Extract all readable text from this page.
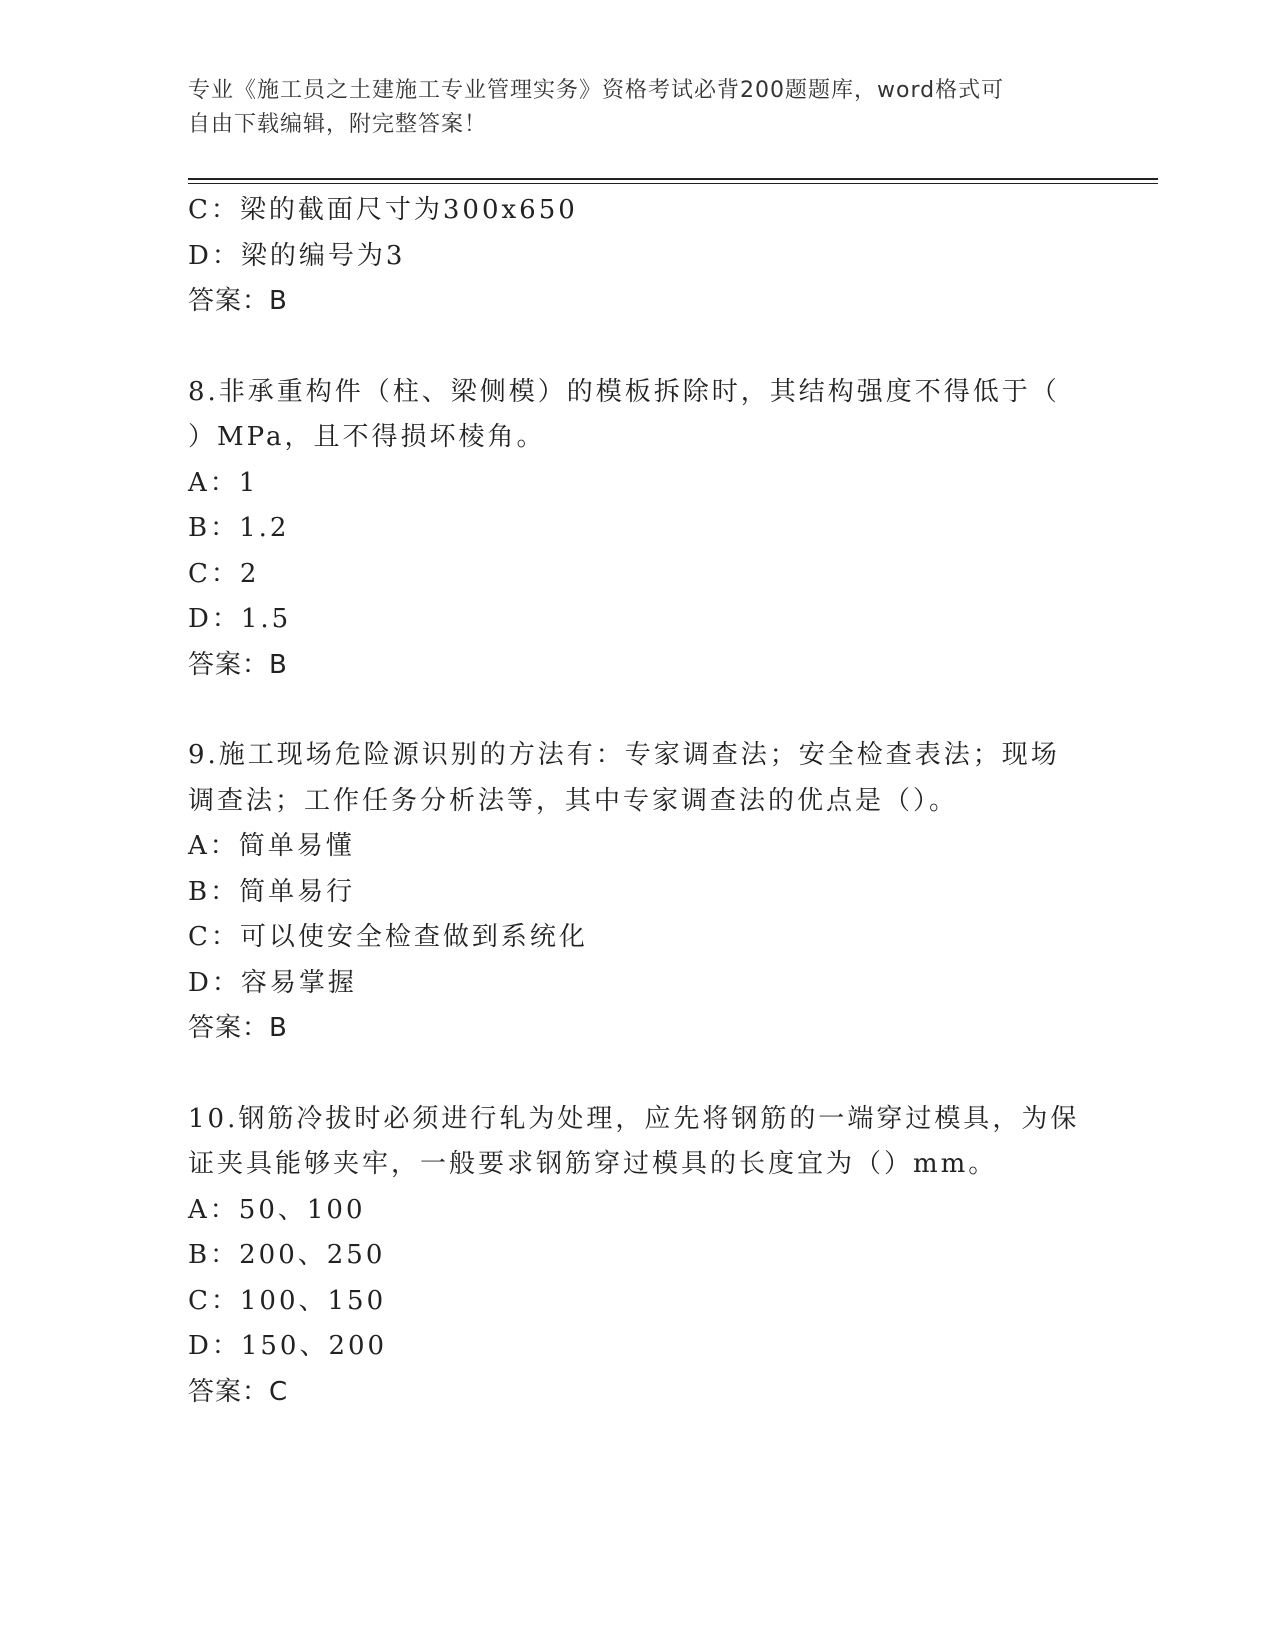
专业《施工员之土建施工专业管理实务》资格考试必背200题题库，word格式可
自由下载编辑，附完整答案！
C：梁的截面尺寸为300x650
D：梁的编号为3
答案：B
8.非承重构件（柱、梁侧模）的模板拆除时，其结构强度不得低于（
）MPa，且不得损坏棱角。
A：1
B：1.2
C：2
D：1.5
答案：B
9.施工现场危险源识别的方法有：专家调查法；安全检查表法；现场
调查法；工作任务分析法等，其中专家调查法的优点是（）。
A：简单易懂
B：简单易行
C：可以使安全检查做到系统化
D：容易掌握
答案：B
10.钢筋冷拔时必须进行轧为处理，应先将钢筋的一端穿过模具，为保
证夹具能够夹牢，一般要求钢筋穿过模具的长度宜为（）mm。
A：50、100
B：200、250
C：100、150
D：150、200
答案：C
